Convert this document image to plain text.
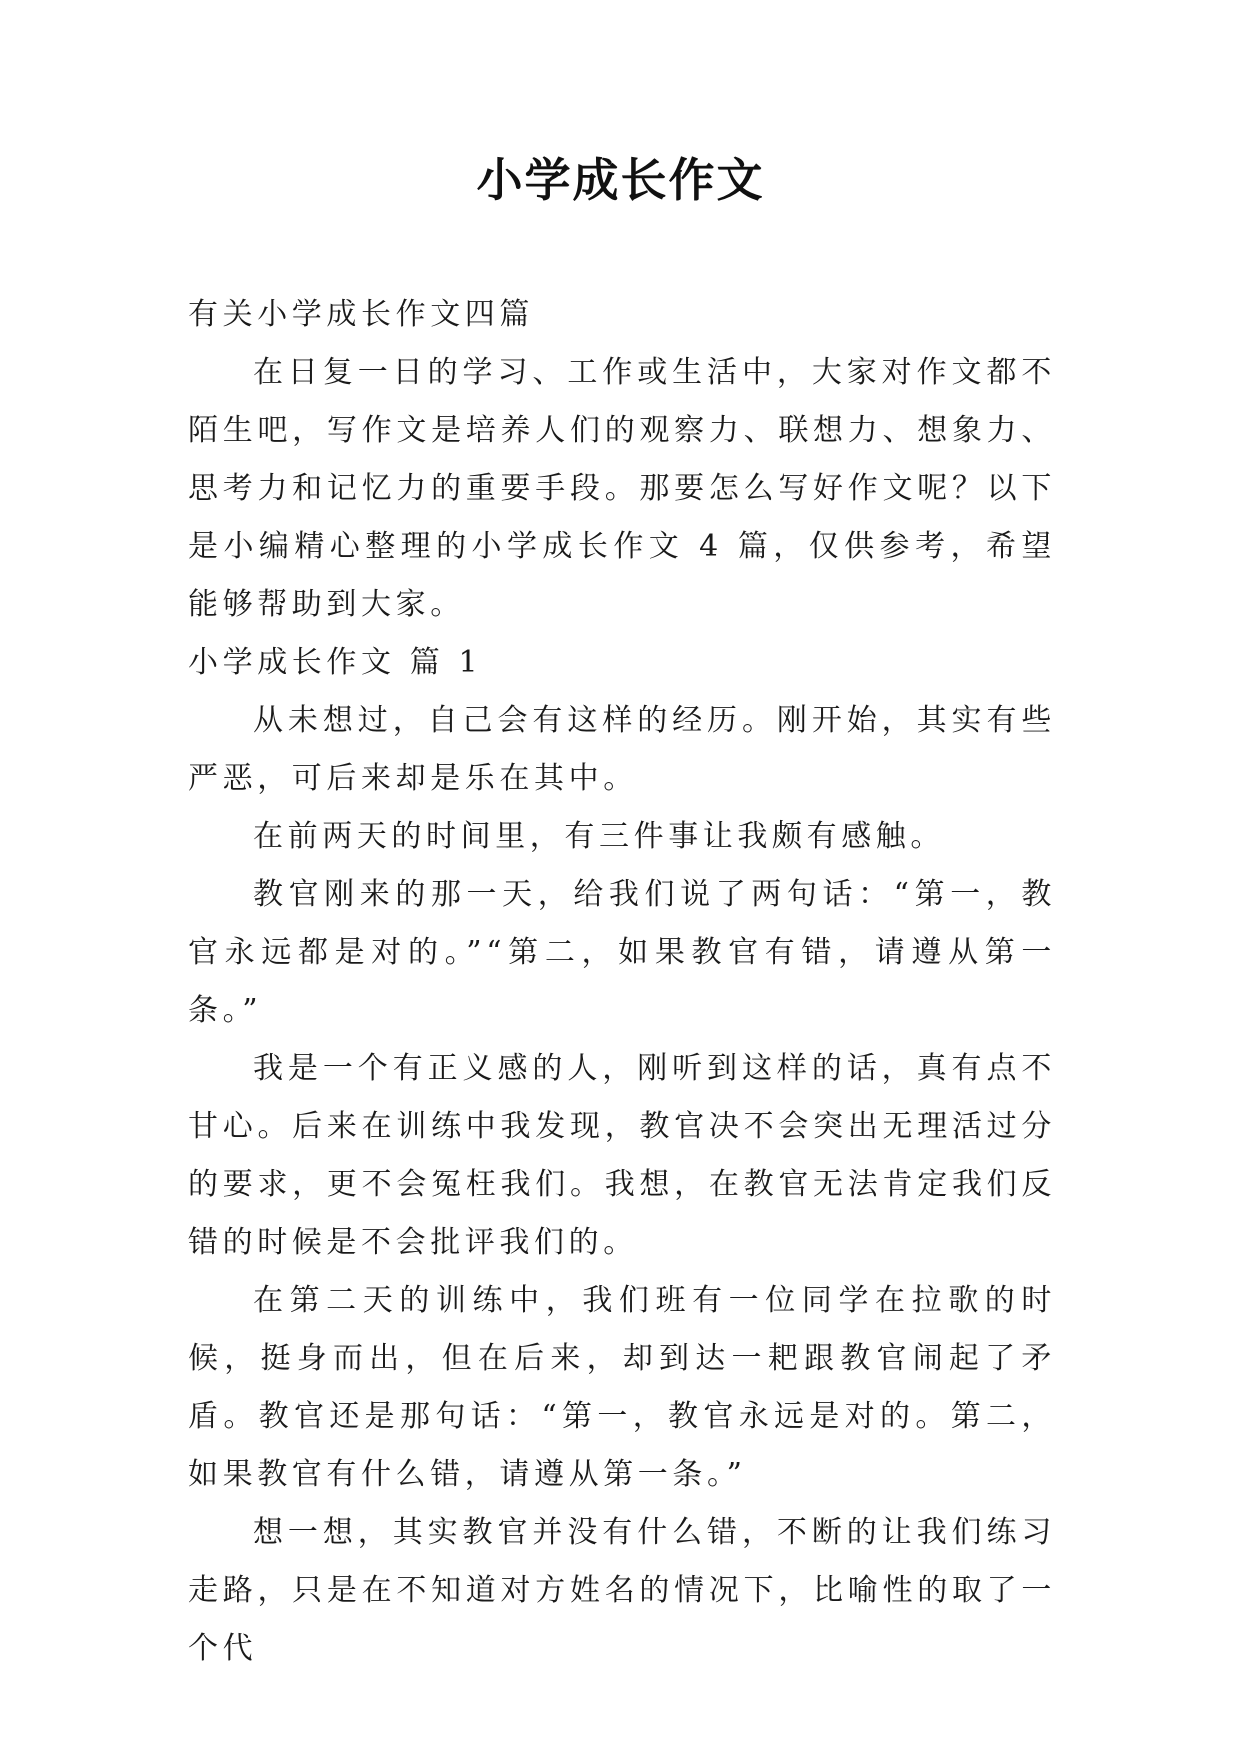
小学成长作文

有关小学成长作文四篇

在日复一日的学习、工作或生活中，大家对作文都不陌生吧，写作文是培养人们的观察力、联想力、想象力、思考力和记忆力的重要手段。那要怎么写好作文呢？以下是小编精心整理的小学成长作文 4 篇，仅供参考，希望能够帮助到大家。

小学成长作文 篇 1

从未想过，自己会有这样的经历。刚开始，其实有些严恶，可后来却是乐在其中。

在前两天的时间里，有三件事让我颇有感触。

教官刚来的那一天，给我们说了两句话：“第一，教官永远都是对的。”“第二，如果教官有错，请遵从第一条。”

我是一个有正义感的人，刚听到这样的话，真有点不甘心。后来在训练中我发现，教官决不会突出无理活过分的要求，更不会冤枉我们。我想，在教官无法肯定我们反错的时候是不会批评我们的。

在第二天的训练中，我们班有一位同学在拉歌的时候，挺身而出，但在后来，却到达一耙跟教官闹起了矛盾。教官还是那句话：“第一，教官永远是对的。第二，如果教官有什么错，请遵从第一条。”

想一想，其实教官并没有什么错，不断的让我们练习走路，只是在不知道对方姓名的情况下，比喻性的取了一个代
